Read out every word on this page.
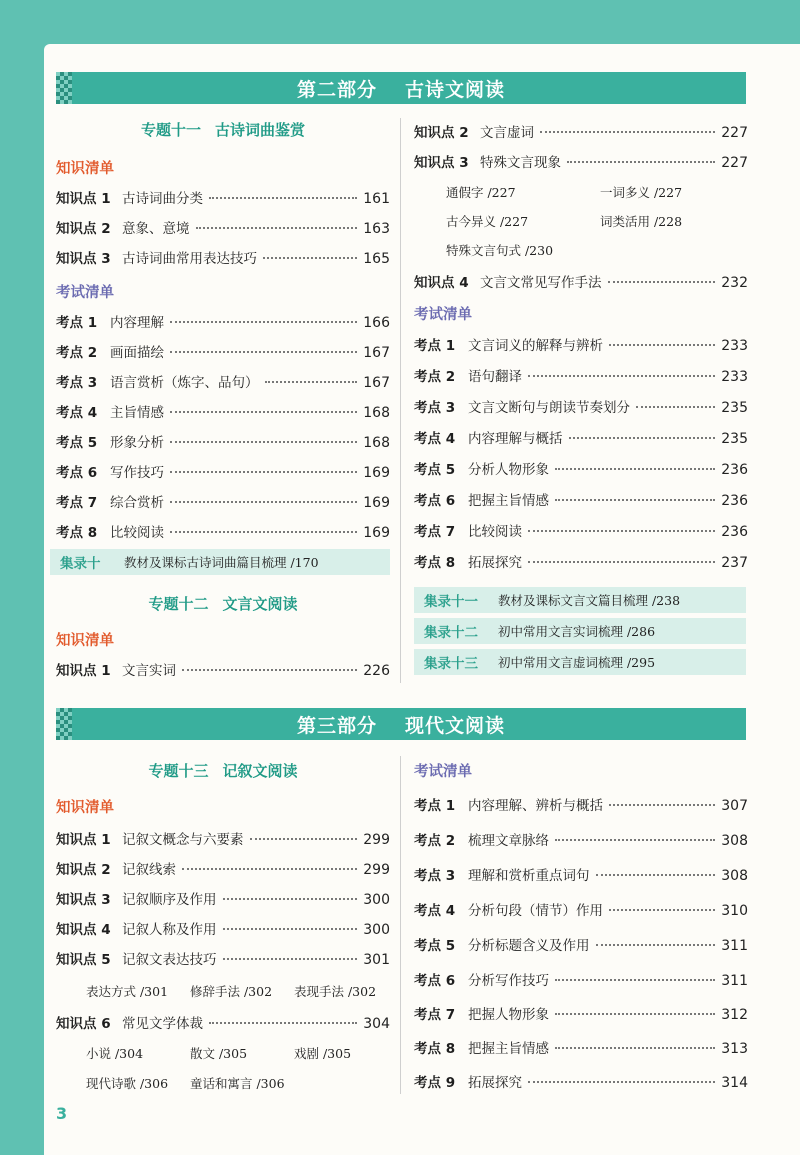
第二部分 古诗文阅读
专题十一 古诗词曲鉴赏
知识清单
知识点 1 古诗词曲分类	161
知识点 2 意象、意境	163
知识点 3 古诗词曲常用表达技巧	165
考试清单
考点 1 内容理解	166
考点 2 画面描绘	167
考点 3 语言赏析（炼字、品句）	167
考点 4 主旨情感	168
考点 5 形象分析	168
考点 6 写作技巧	169
考点 7 综合赏析	169
考点 8 比较阅读	169
集录十	教材及课标古诗词曲篇目梳理 /170
专题十二 文言文阅读
知识清单
知识点 1 文言实词	226
知识点 2 文言虚词	227
知识点 3 特殊文言现象	227
通假字 /227	一词多义 /227
古今异义 /227	词类活用 /228
特殊文言句式 /230
知识点 4 文言文常见写作手法	232
考试清单
考点 1 文言词义的解释与辨析	233
考点 2 语句翻译	233
考点 3 文言文断句与朗读节奏划分	235
考点 4 内容理解与概括	235
考点 5 分析人物形象	236
考点 6 把握主旨情感	236
考点 7 比较阅读	236
考点 8 拓展探究	237
集录十一	教材及课标文言文篇目梳理 /238
集录十二	初中常用文言实词梳理 /286
集录十三	初中常用文言虚词梳理 /295
第三部分 现代文阅读
专题十三 记叙文阅读
知识清单
知识点 1 记叙文概念与六要素	299
知识点 2 记叙线索	299
知识点 3 记叙顺序及作用	300
知识点 4 记叙人称及作用	300
知识点 5 记叙文表达技巧	301
表达方式 /301 修辞手法 /302 表现手法 /302
知识点 6 常见文学体裁	304
小说 /304	散文 /305	戏剧 /305
现代诗歌 /306 童话和寓言 /306
考试清单
考点 1 内容理解、辨析与概括	307
考点 2 梳理文章脉络	308
考点 3 理解和赏析重点词句	308
考点 4 分析句段（情节）作用	310
考点 5 分析标题含义及作用	311
考点 6 分析写作技巧	311
考点 7 把握人物形象	312
考点 8 把握主旨情感	313
考点 9 拓展探究	314
3
